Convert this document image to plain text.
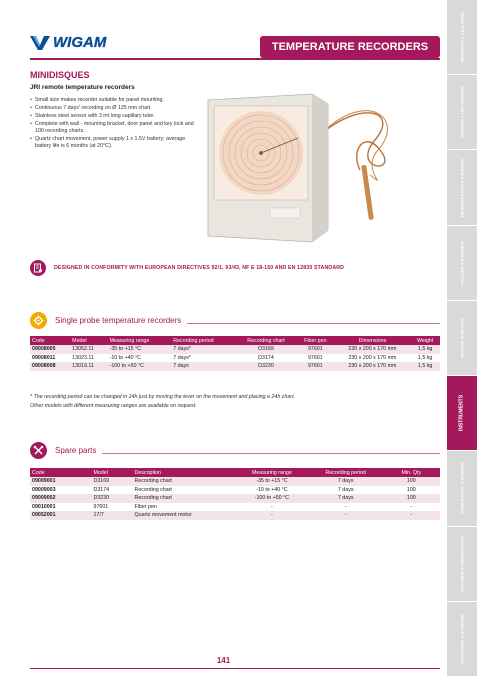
RECEIVING & CELLARING
COOKING & HOT HOLDING
REFRIGERATION & FREEZING
CHILLING & FREEZING
SERVING & DISPLAY
INSTRUMENTS
FOOD SAFETY & HYGIENE
CLEANING & MAINTENANCE
PACKAGING & STORAGE
WIGAM	TEMPERATURE RECORDERS
MINIDISQUES
JRI remote temperature recorders
• Small size makes recorder suitable for panel mounting.
• Continuous 7 days' recording on Ø 125 mm chart.
• Stainless steel sensor with 3 mt long capillary tube.
• Complete with wall - mounting bracket, door panel and key lock and 100 recording charts.
• Quartz chart movement, power supply 1 x 1.5V battery; average battery life is 6 months (at 20°C).
DESIGNED IN CONFORMITY WITH EUROPEAN DIRECTIVES 92/1, 93/43, NF E 18-150 AND EN 12830 STANDARD
Single probe temperature recorders
Code	Model	Measuring range	Recording period	Recording chart	Fiber pen	Dimensions	Weight
09008005	13052.11	-35 to +15 °C	7 days*	D3169	97601	230 x 200 x 170 mm	1,5 kg
09008011	13023.11	-10 to +40 °C	7 days*	D3174	97601	230 x 200 x 170 mm	1,5 kg
09008008	13019.11	-100 to +50 °C	7 days	D3230	97601	230 x 200 x 170 mm	1,5 kg
* The recording period can be changed in 24h just by moving the lever on the movement and placing a 24h chart.
Other models with different measuring ranges are available on request.
Spare parts
Code	Model	Description	Measuring range	Recording period	Min. Qty
09009001	D3169	Recording chart	-35 to +15 °C	7 days	100
09009003	D3174	Recording chart	-10 to +40 °C	7 days	100
09009002	D3230	Recording chart	-100 to +50 °C	7 days	100
09010001	97601	Fiber pen	-	-	-
09052001	17/7	Quartz movement motor	-	-	-
141
